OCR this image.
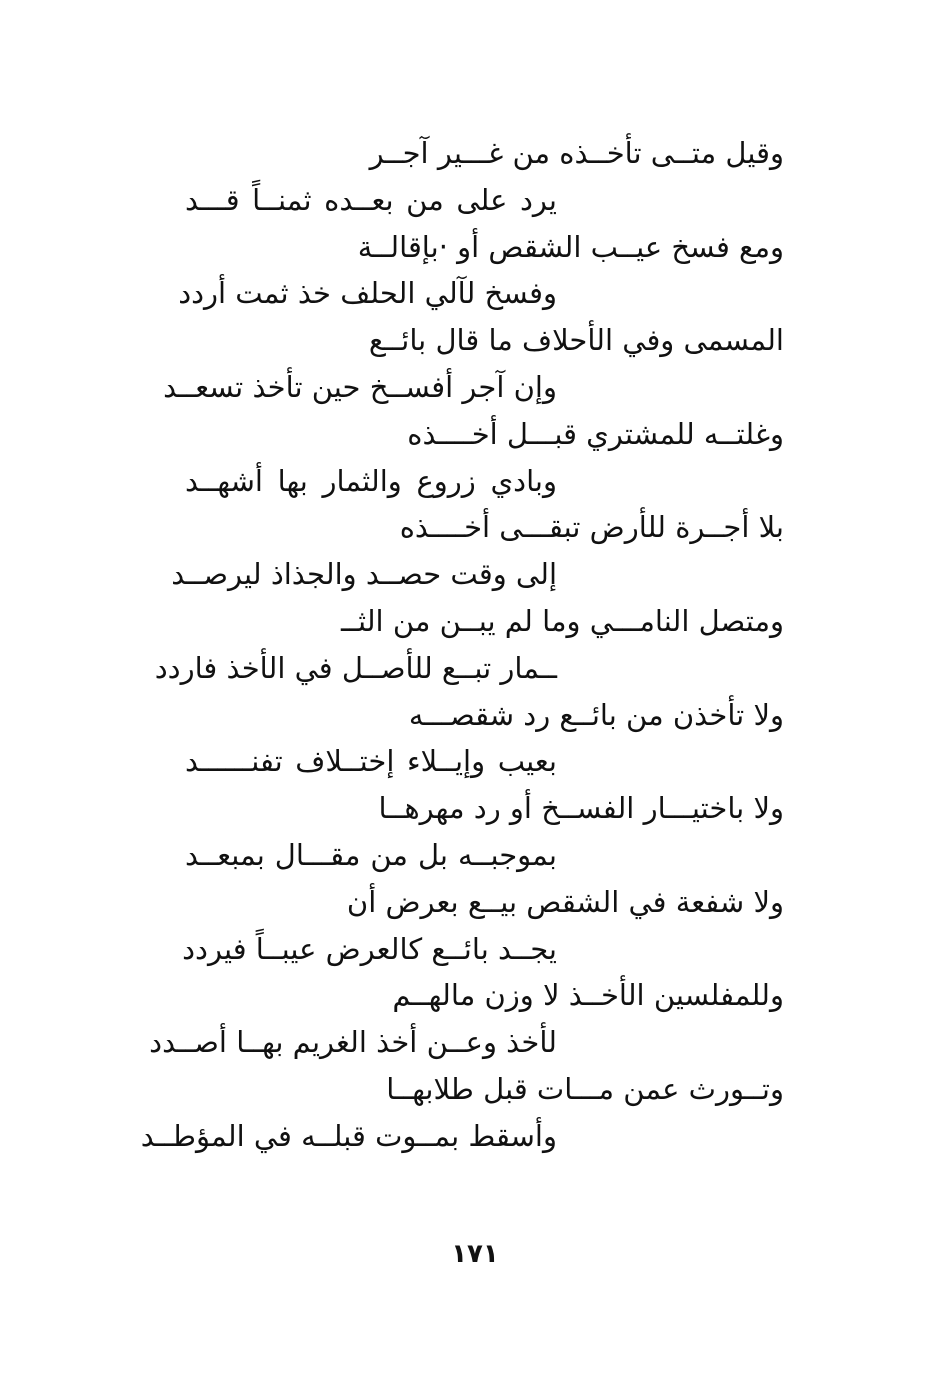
وقيل متــى تأخــذه من غـــير آجــر
يرد على من بعــده ثمنــاً قـــد
ومع فسخ عيــب الشقص أو ·بإقالــة
وفسخ لآلي الحلف خذ ثمت أردد
المسمى وفي الأحلاف ما قال بائــع
وإن آجر أفســخ حين تأخذ تسعــد
وغلتــه للمشتري قبـــل أخــــذه
وبادي زروع والثمار بها أشهــد
بلا أجــرة للأرض تبقـــى أخــــذه
إلى وقت حصــد والجذاذ ليرصــد
ومتصل النامـــي وما لم يبــن من الثــ
ــمار تبــع للأصــل في الأخذ فاردد
ولا تأخذن من بائــع رد شقصـــه
بعيب وإيــلاء إختــلاف تفنــــــد
ولا باختيـــار الفســخ أو رد مهرهــا
بموجبــه بل من مقـــال بمبعــد
ولا شفعة في الشقص بيــع بعرض أن
يجــد بائــع كالعرض عيبــاً فيردد
وللمفلسين الأخــذ لا وزن مالهــم
لأخذ وعــن أخذ الغريم بهــا أصــدد
وتــورث عمن مـــات قبل طلابهــا
وأسقط بمــوت قبلــه في المؤطــد
١٧١
